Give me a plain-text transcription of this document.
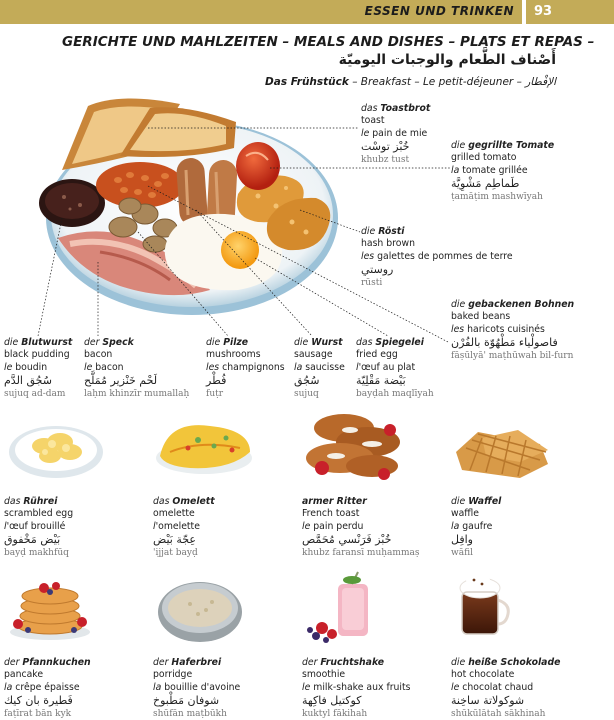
ESSEN UND TRINKEN 93
GERICHTE UND MAHLZEITEN – MEALS AND DISHES – PLATS ET REPAS –
أَصْناف الطَّعام والوجبات اليوميّة
Das Frühstück – Breakfast – Le petit-déjeuner – الإفْطار
das Toastbrot
toast
le pain de mie
خُبْز توسْت
khubz tust
die gegrillte Tomate
grilled tomato
la tomate grillée
طَماطِم مَشْوِيَّة
ṭamāṭim mashwīyah
die Rösti
hash brown
les galettes de pommes de terre
روستي
rūsti
die gebackenen Bohnen
baked beans
les haricots cuisinés
فاصولْياء مَطْهُوّة بالفُرْن
fāṣūlyā' maṭhūwah bil-furn
die Blutwurst
black pudding
le boudin
سُجُق الدَّم
sujuq ad-dam
der Speck
bacon
le bacon
لَحْم خَنْزير مُمَلَّح
laḥm khinzīr mumallaḥ
die Pilze
mushrooms
les champignons
فُطْر
fuṭr
die Wurst
sausage
la saucisse
سُجُق
sujuq
das Spiegelei
fried egg
l'œuf au plat
بَيْضة مَقْلِيّة
bayḍah maqlīyah
das Rührei
scrambled egg
l'œuf brouillé
بَيْض مَخْفوق
bayḍ makhfūq
das Omelett
omelette
l'omelette
عِجّة بَيْض
'ijjat bayḍ
armer Ritter
French toast
le pain perdu
خُبْز فَرَنْسي مُحَمَّص
khubz faransī muḥammaṣ
die Waffel
waffle
la gaufre
وافِل
wāfil
der Pfannkuchen
pancake
la crêpe épaisse
فَطيرة بان كيك
faṭīrat bān kyk
der Haferbrei
porridge
la bouillie d'avoine
شوفان مَطْبوخ
shūfān maṭbūkh
der Fruchtshake
smoothie
le milk-shake aux fruits
كوكتيل فاكِهة
kuktyl fākihah
die heiße Schokolade
hot chocolate
le chocolat chaud
شوكولاتة ساخِنة
shūkūlātah sākhinah
